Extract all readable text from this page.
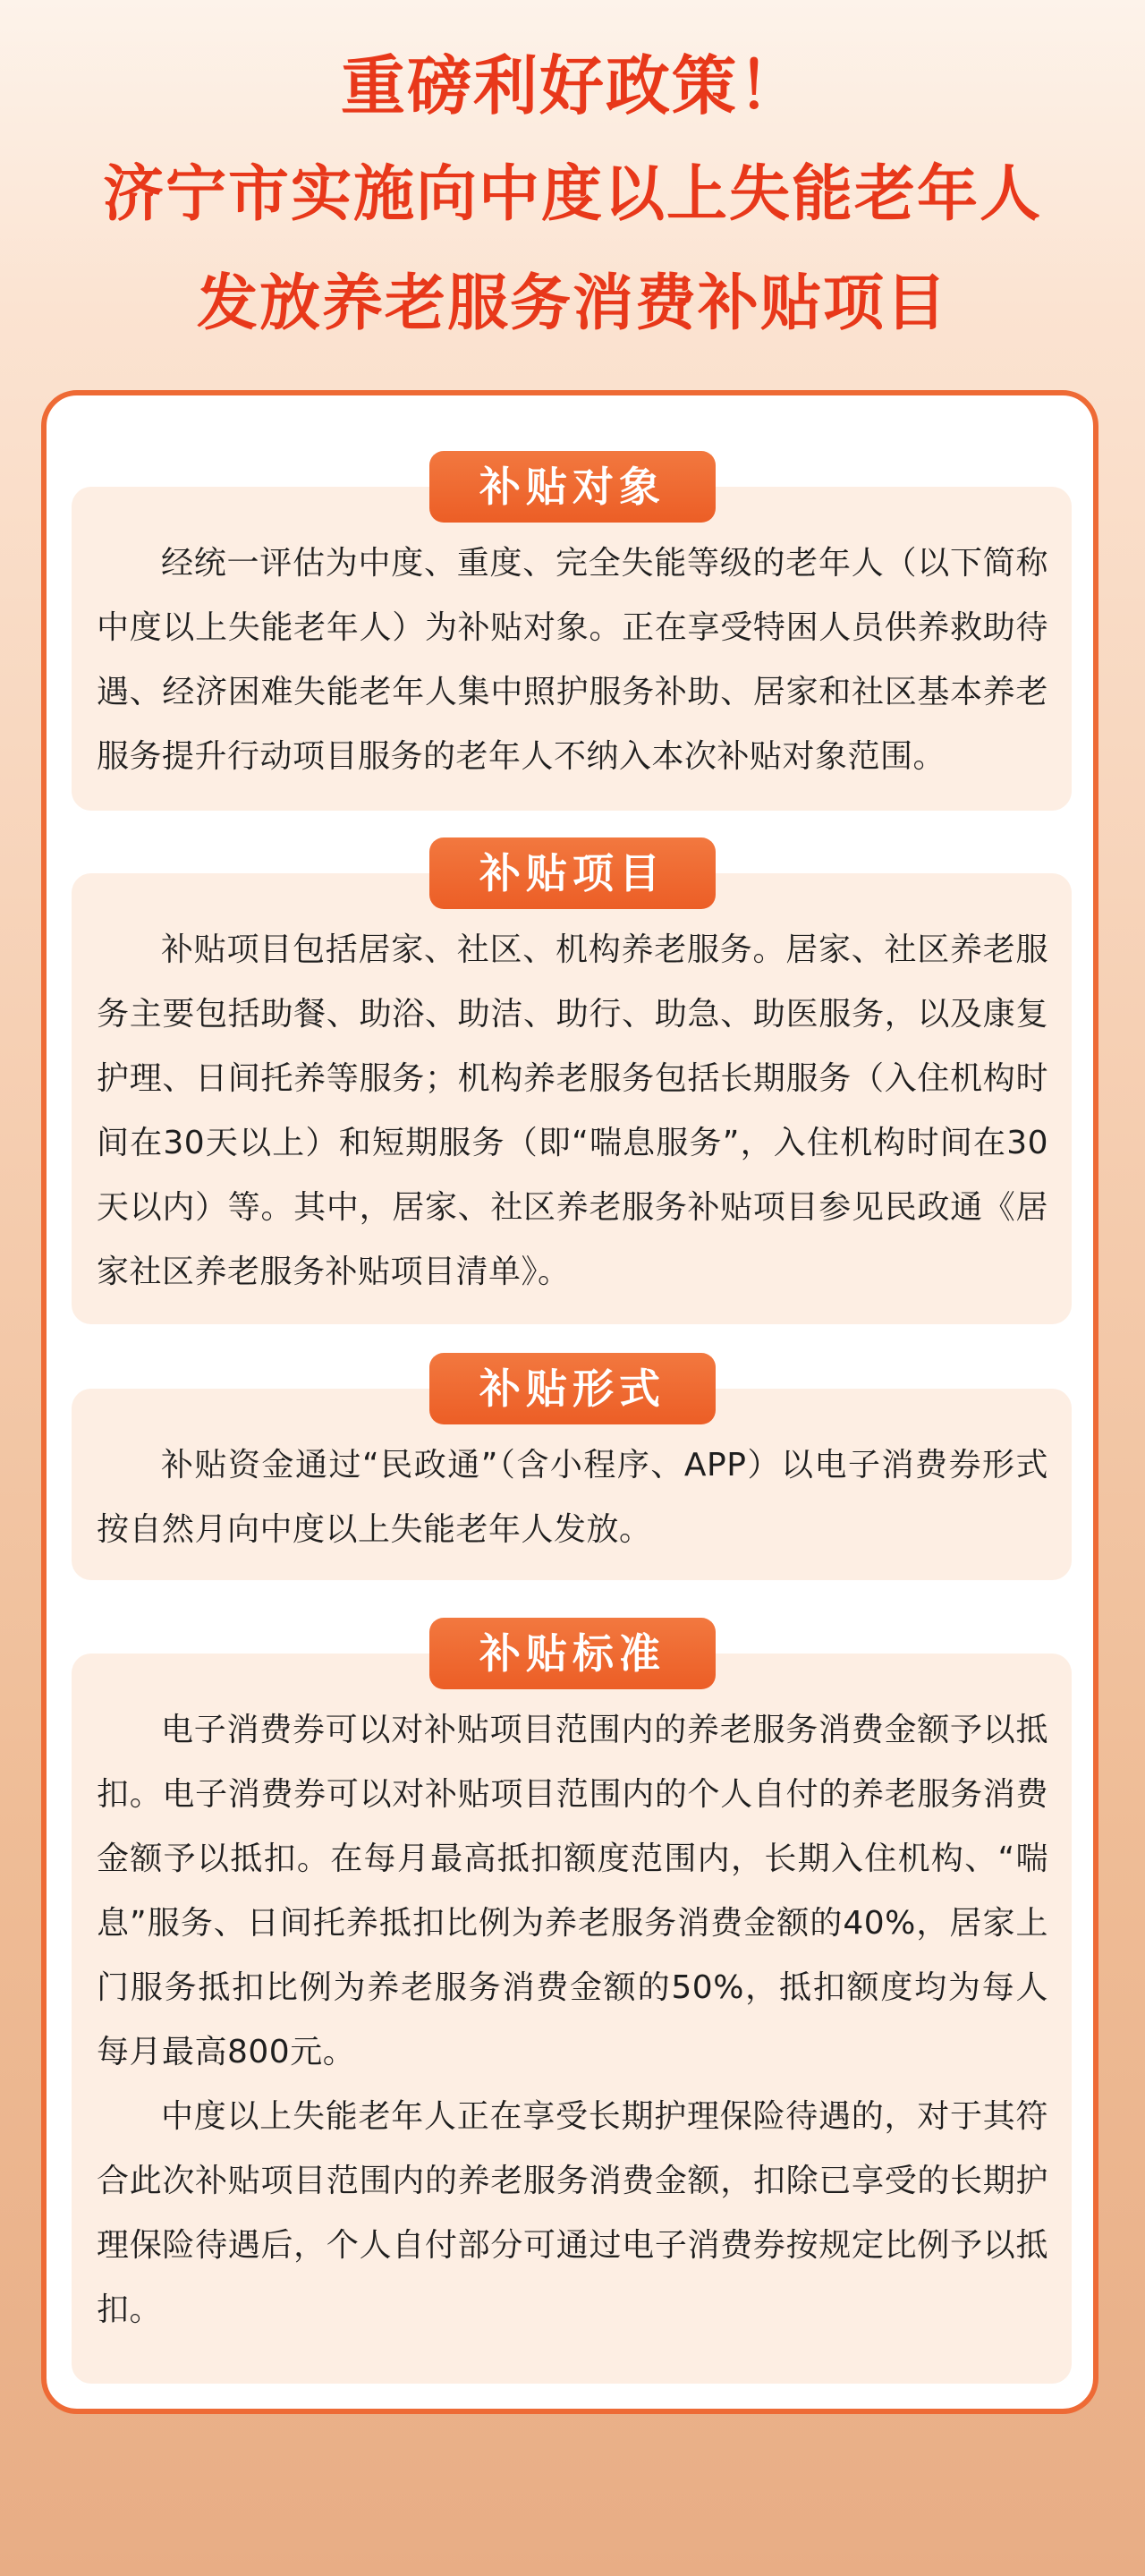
重磅利好政策！
济宁市实施向中度以上失能老年人
发放养老服务消费补贴项目
补贴对象

经统一评估为中度、重度、完全失能等级的老年人（以下简称中度以上失能老年人）为补贴对象。正在享受特困人员供养救助待遇、经济困难失能老年人集中照护服务补助、居家和社区基本养老服务提升行动项目服务的老年人不纳入本次补贴对象范围。

补贴项目

补贴项目包括居家、社区、机构养老服务。居家、社区养老服务主要包括助餐、助浴、助洁、助行、助急、助医服务，以及康复护理、日间托养等服务；机构养老服务包括长期服务（入住机构时间在30天以上）和短期服务（即“喘息服务”，入住机构时间在30天以内）等。其中，居家、社区养老服务补贴项目参见民政通《居家社区养老服务补贴项目清单》。

补贴形式

补贴资金通过“民政通”（含小程序、APP）以电子消费券形式按自然月向中度以上失能老年人发放。

补贴标准

电子消费券可以对补贴项目范围内的养老服务消费金额予以抵扣。电子消费券可以对补贴项目范围内的个人自付的养老服务消费金额予以抵扣。在每月最高抵扣额度范围内，长期入住机构、“喘息”服务、日间托养抵扣比例为养老服务消费金额的40%，居家上门服务抵扣比例为养老服务消费金额的50%，抵扣额度均为每人每月最高800元。

中度以上失能老年人正在享受长期护理保险待遇的，对于其符合此次补贴项目范围内的养老服务消费金额，扣除已享受的长期护理保险待遇后，个人自付部分可通过电子消费券按规定比例予以抵扣。
